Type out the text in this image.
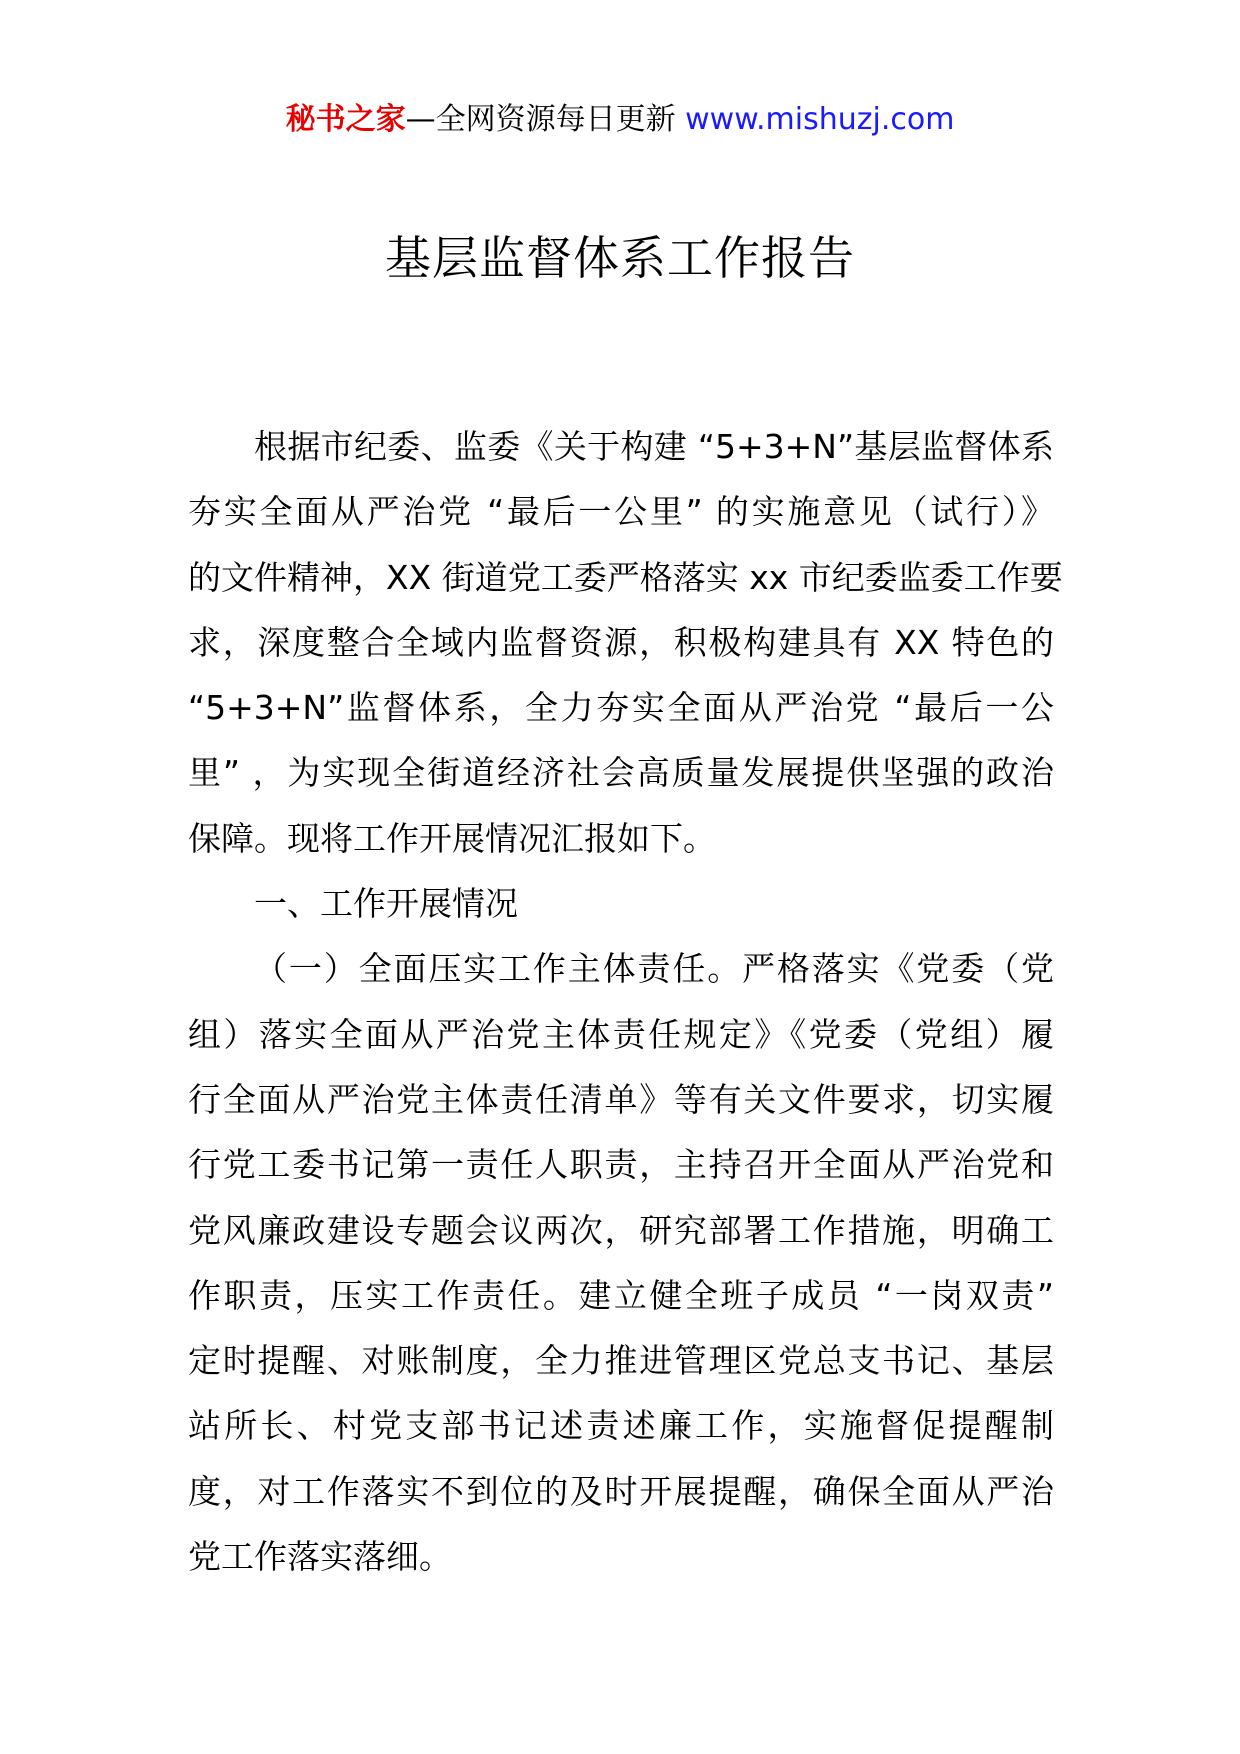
秘书之家—全网资源每日更新 www.mishuzj.com
基层监督体系工作报告
根据市纪委、监委《关于构建 “5+3+N”基层监督体系
夯实全面从严治党 “最后一公里” 的实施意见（试行）》
的文件精神，XX 街道党工委严格落实 xx 市纪委监委工作要
求，深度整合全域内监督资源，积极构建具有 XX 特色的
“5+3+N”监督体系，全力夯实全面从严治党 “最后一公
里” ，为实现全街道经济社会高质量发展提供坚强的政治
保障。现将工作开展情况汇报如下。
一、工作开展情况
（一）全面压实工作主体责任。严格落实《党委（党
组）落实全面从严治党主体责任规定》《党委（党组）履
行全面从严治党主体责任清单》等有关文件要求，切实履
行党工委书记第一责任人职责，主持召开全面从严治党和
党风廉政建设专题会议两次，研究部署工作措施，明确工
作职责，压实工作责任。建立健全班子成员 “一岗双责”
定时提醒、对账制度，全力推进管理区党总支书记、基层
站所长、村党支部书记述责述廉工作，实施督促提醒制
度，对工作落实不到位的及时开展提醒，确保全面从严治
党工作落实落细。
